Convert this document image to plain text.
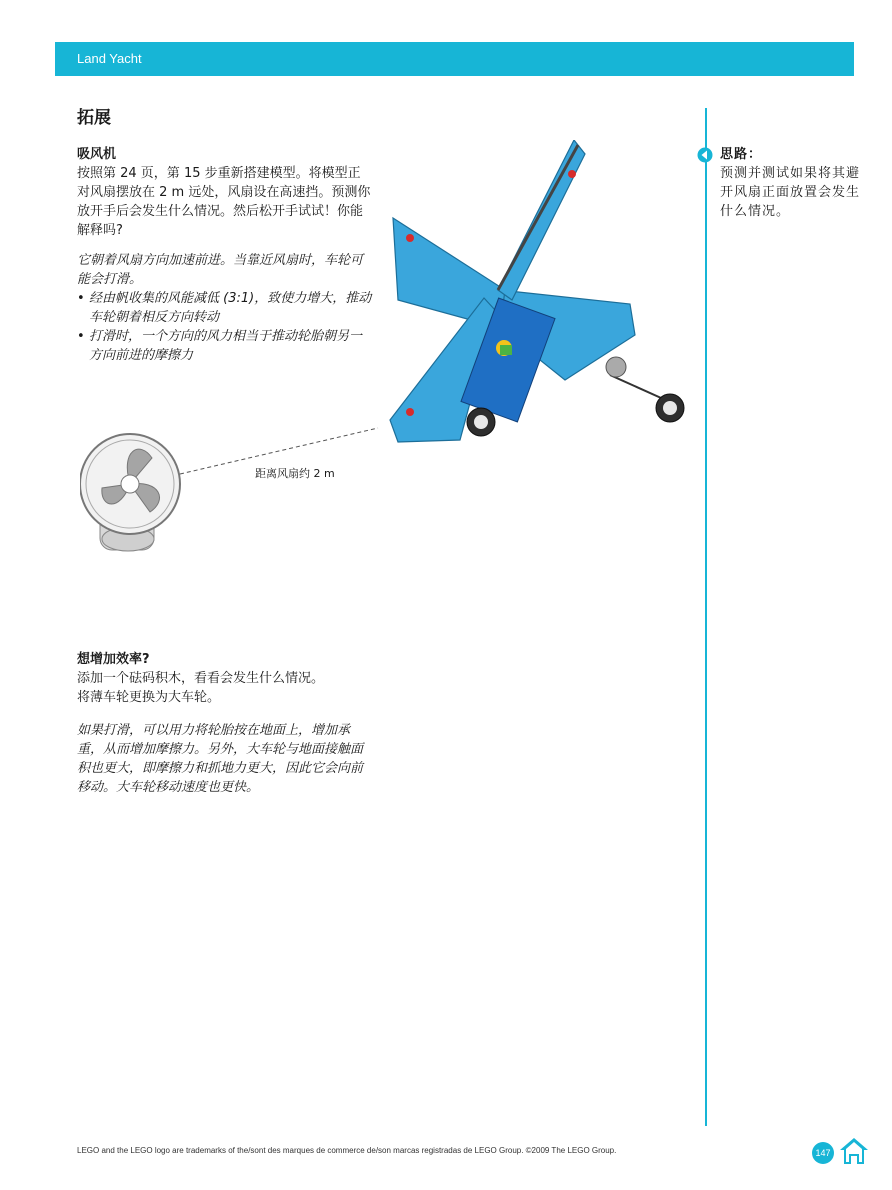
Land Yacht
拓展
吸风机
按照第 24 页，第 15 步重新搭建模型。将模型正对风扇摆放在 2 m 远处，风扇设在高速挡。预测你放开手后会发生什么情况。然后松开手试试！你能解释吗?
它朝着风扇方向加速前进。当靠近风扇时，车轮可能会打滑。
• 经由帆收集的风能减低 (3:1)，致使力增大，推动车轮朝着相反方向转动
• 打滑时，一个方向的风力相当于推动轮胎朝另一方向前进的摩擦力
距离风扇约 2 m
想增加效率?
添加一个砝码积木，看看会发生什么情况。
将薄车轮更换为大车轮。
如果打滑，可以用力将轮胎按在地面上，增加承重，从而增加摩擦力。另外，大车轮与地面接触面积也更大，即摩擦力和抓地力更大，因此它会向前移动。大车轮移动速度也更快。
思路：
预测并测试如果将其避开风扇正面放置会发生什么情况。
LEGO and the LEGO logo are trademarks of the/sont des marques de commerce de/son marcas registradas de LEGO Group. ©2009 The LEGO Group.	147
